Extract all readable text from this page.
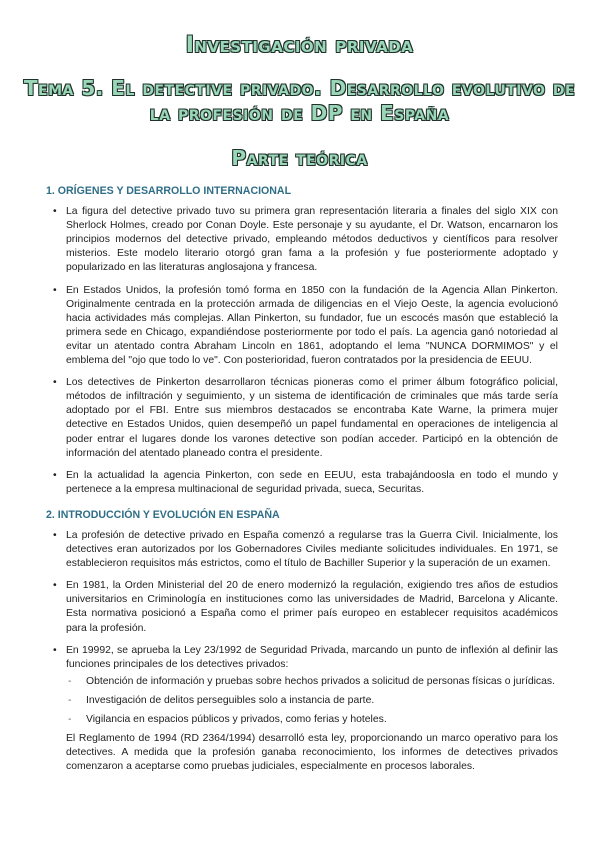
Investigación privada
Tema 5. El detective privado. Desarrollo evolutivo de la profesión de DP en España
Parte teórica
1. ORÍGENES Y DESARROLLO INTERNACIONAL
• La figura del detective privado tuvo su primera gran representación literaria a finales del siglo XIX con Sherlock Holmes, creado por Conan Doyle. Este personaje y su ayudante, el Dr. Watson, encarnaron los principios modernos del detective privado, empleando métodos deductivos y científicos para resolver misterios. Este modelo literario otorgó gran fama a la profesión y fue posteriormente adoptado y popularizado en las literaturas anglosajona y francesa.
• En Estados Unidos, la profesión tomó forma en 1850 con la fundación de la Agencia Allan Pinkerton. Originalmente centrada en la protección armada de diligencias en el Viejo Oeste, la agencia evolucionó hacia actividades más complejas. Allan Pinkerton, su fundador, fue un escocés masón que estableció la primera sede en Chicago, expandiéndose posteriormente por todo el país. La agencia ganó notoriedad al evitar un atentado contra Abraham Lincoln en 1861, adoptando el lema "NUNCA DORMIMOS" y el emblema del "ojo que todo lo ve". Con posterioridad, fueron contratados por la presidencia de EEUU.
• Los detectives de Pinkerton desarrollaron técnicas pioneras como el primer álbum fotográfico policial, métodos de infiltración y seguimiento, y un sistema de identificación de criminales que más tarde sería adoptado por el FBI. Entre sus miembros destacados se encontraba Kate Warne, la primera mujer detective en Estados Unidos, quien desempeñó un papel fundamental en operaciones de inteligencia al poder entrar el lugares donde los varones detective son podían acceder. Participó en la obtención de información del atentado planeado contra el presidente.
• En la actualidad la agencia Pinkerton, con sede en EEUU, esta trabajándoosla en todo el mundo y pertenece a la empresa multinacional de seguridad privada, sueca, Securitas.
2. INTRODUCCIÓN Y EVOLUCIÓN EN ESPAÑA
• La profesión de detective privado en España comenzó a regularse tras la Guerra Civil. Inicialmente, los detectives eran autorizados por los Gobernadores Civiles mediante solicitudes individuales. En 1971, se establecieron requisitos más estrictos, como el título de Bachiller Superior y la superación de un examen.
• En 1981, la Orden Ministerial del 20 de enero modernizó la regulación, exigiendo tres años de estudios universitarios en Criminología en instituciones como las universidades de Madrid, Barcelona y Alicante. Esta normativa posicionó a España como el primer país europeo en establecer requisitos académicos para la profesión.
• En 19992, se aprueba la Ley 23/1992 de Seguridad Privada, marcando un punto de inflexión al definir las funciones principales de los detectives privados:
- Obtención de información y pruebas sobre hechos privados a solicitud de personas físicas o jurídicas.
- Investigación de delitos perseguibles solo a instancia de parte.
- Vigilancia en espacios públicos y privados, como ferias y hoteles.
El Reglamento de 1994 (RD 2364/1994) desarrolló esta ley, proporcionando un marco operativo para los detectives. A medida que la profesión ganaba reconocimiento, los informes de detectives privados comenzaron a aceptarse como pruebas judiciales, especialmente en procesos laborales.
